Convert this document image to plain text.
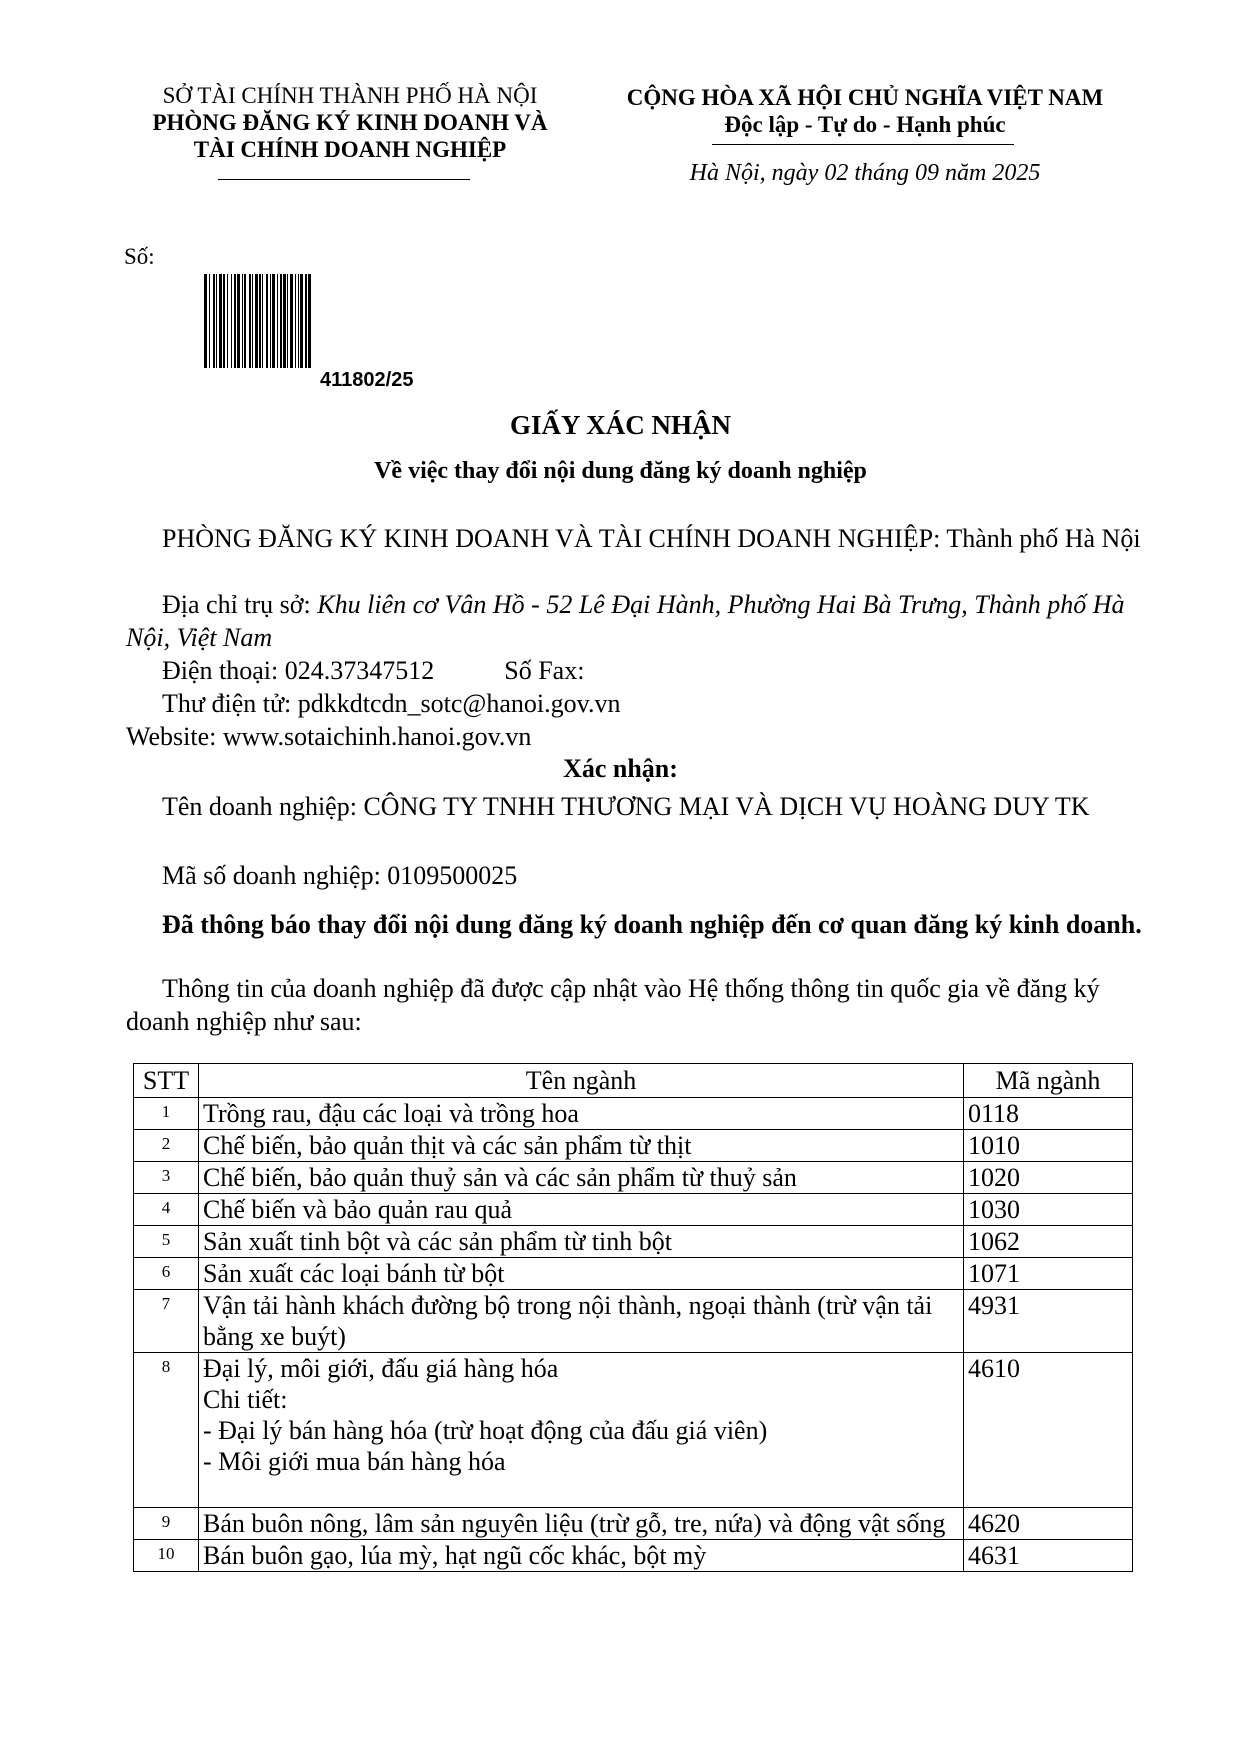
SỞ TÀI CHÍNH THÀNH PHỐ HÀ NỘI
PHÒNG ĐĂNG KÝ KINH DOANH VÀ
TÀI CHÍNH DOANH NGHIỆP
CỘNG HÒA XÃ HỘI CHỦ NGHĨA VIỆT NAM
Độc lập - Tự do - Hạnh phúc
Hà Nội, ngày 02 tháng 09 năm 2025
Số:
411802/25
GIẤY XÁC NHẬN
Về việc thay đổi nội dung đăng ký doanh nghiệp
PHÒNG ĐĂNG KÝ KINH DOANH VÀ TÀI CHÍNH DOANH NGHIỆP: Thành phố Hà Nội
Địa chỉ trụ sở: Khu liên cơ Vân Hồ - 52 Lê Đại Hành, Phường Hai Bà Trưng, Thành phố Hà Nội, Việt Nam
Điện thoại: 024.37347512	Số Fax:
Thư điện tử: pdkkdtcdn_sotc@hanoi.gov.vn
Website: www.sotaichinh.hanoi.gov.vn
Xác nhận:
Tên doanh nghiệp: CÔNG TY TNHH THƯƠNG MẠI VÀ DỊCH VỤ HOÀNG DUY TK
Mã số doanh nghiệp: 0109500025
Đã thông báo thay đổi nội dung đăng ký doanh nghiệp đến cơ quan đăng ký kinh doanh.
Thông tin của doanh nghiệp đã được cập nhật vào Hệ thống thông tin quốc gia về đăng ký doanh nghiệp như sau:
STT	Tên ngành	Mã ngành
1	Trồng rau, đậu các loại và trồng hoa	0118
2	Chế biến, bảo quản thịt và các sản phẩm từ thịt	1010
3	Chế biến, bảo quản thuỷ sản và các sản phẩm từ thuỷ sản	1020
4	Chế biến và bảo quản rau quả	1030
5	Sản xuất tinh bột và các sản phẩm từ tinh bột	1062
6	Sản xuất các loại bánh từ bột	1071
7	Vận tải hành khách đường bộ trong nội thành, ngoại thành (trừ vận tải bằng xe buýt)	4931
8	Đại lý, môi giới, đấu giá hàng hóa
Chi tiết:
- Đại lý bán hàng hóa (trừ hoạt động của đấu giá viên)
- Môi giới mua bán hàng hóa	4610
9	Bán buôn nông, lâm sản nguyên liệu (trừ gỗ, tre, nứa) và động vật sống	4620
10	Bán buôn gạo, lúa mỳ, hạt ngũ cốc khác, bột mỳ	4631
